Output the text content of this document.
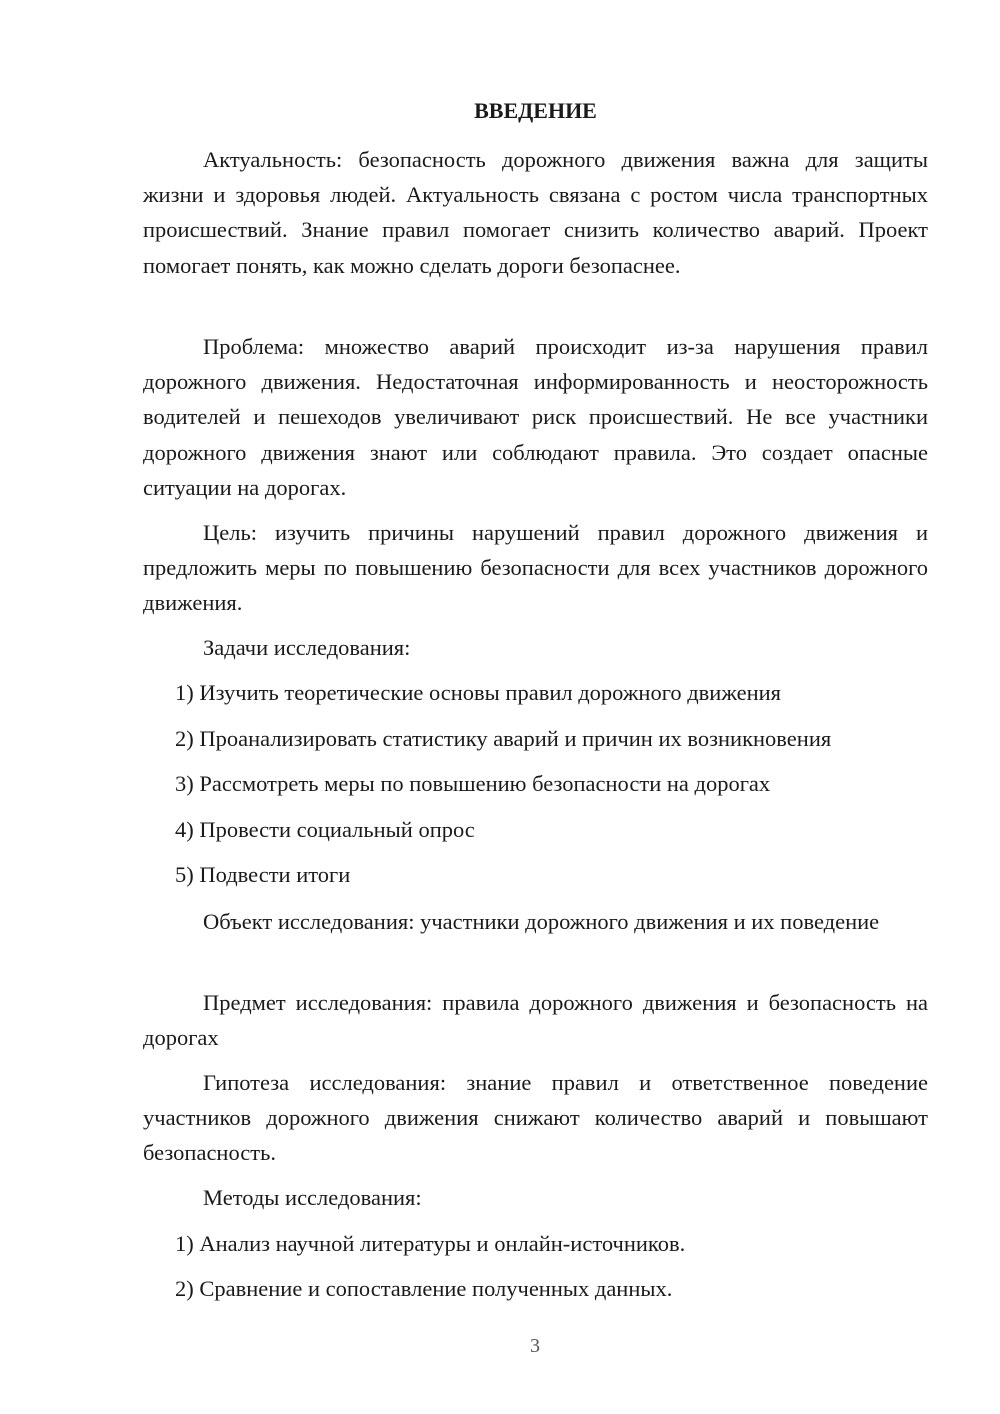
ВВЕДЕНИЕ

Актуальность: безопасность дорожного движения важна для защиты жизни и здоровья людей. Актуальность связана с ростом числа транспортных происшествий. Знание правил помогает снизить количество аварий. Проект помогает понять, как можно сделать дороги безопаснее.

Проблема: множество аварий происходит из-за нарушения правил дорожного движения. Недостаточная информированность и неосторожность водителей и пешеходов увеличивают риск происшествий. Не все участники дорожного движения знают или соблюдают правила. Это создает опасные ситуации на дорогах.

Цель: изучить причины нарушений правил дорожного движения и предложить меры по повышению безопасности для всех участников дорожного движения.

Задачи исследования:

1) Изучить теоретические основы правил дорожного движения

2) Проанализировать статистику аварий и причин их возникновения

3) Рассмотреть меры по повышению безопасности на дорогах

4) Провести социальный опрос

5) Подвести итоги

Объект исследования: участники дорожного движения и их поведение

Предмет исследования: правила дорожного движения и безопасность на дорогах

Гипотеза исследования: знание правил и ответственное поведение участников дорожного движения снижают количество аварий и повышают безопасность.

Методы исследования:

1) Анализ научной литературы и онлайн-источников.

2) Сравнение и сопоставление полученных данных.

3
